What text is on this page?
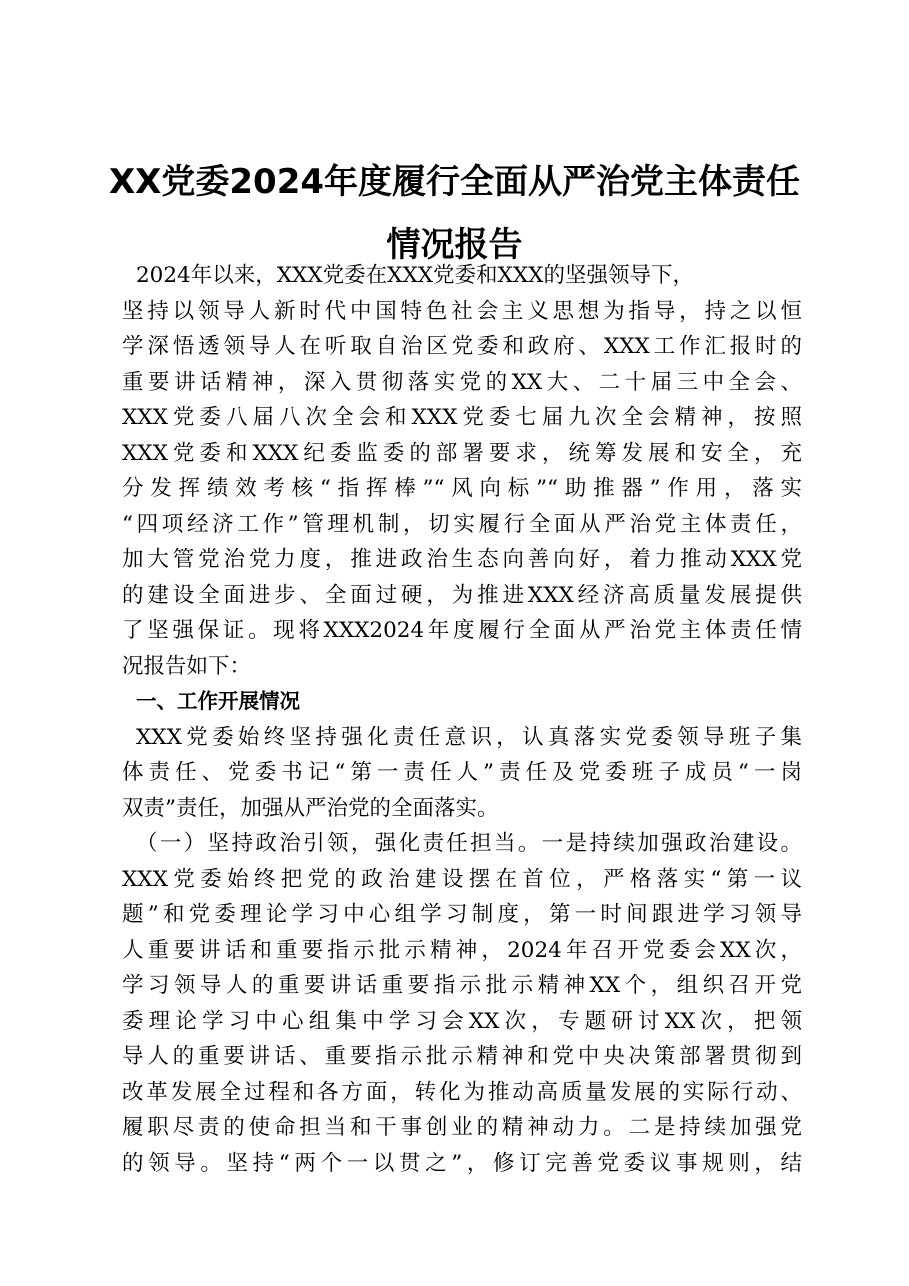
XX党委2024年度履行全面从严治党主体责任
情况报告
2024年以来，XXX党委在XXX党委和XXX的坚强领导下，
坚持以领导人新时代中国特色社会主义思想为指导，持之以恒
学深悟透领导人在听取自治区党委和政府、XXX工作汇报时的
重要讲话精神，深入贯彻落实党的XX大、二十届三中全会、
XXX党委八届八次全会和XXX党委七届九次全会精神，按照
XXX党委和XXX纪委监委的部署要求，统筹发展和安全，充
分发挥绩效考核“指挥棒”“风向标”“助推器”作用，落实
“四项经济工作”管理机制，切实履行全面从严治党主体责任，
加大管党治党力度，推进政治生态向善向好，着力推动XXX党
的建设全面进步、全面过硬，为推进XXX经济高质量发展提供
了坚强保证。现将XXX2024年度履行全面从严治党主体责任情
况报告如下：
一、工作开展情况
XXX党委始终坚持强化责任意识，认真落实党委领导班子集
体责任、党委书记“第一责任人”责任及党委班子成员“一岗
双责”责任，加强从严治党的全面落实。
（一）坚持政治引领，强化责任担当。一是持续加强政治建设。
XXX党委始终把党的政治建设摆在首位，严格落实“第一议
题”和党委理论学习中心组学习制度，第一时间跟进学习领导
人重要讲话和重要指示批示精神，2024年召开党委会XX次，
学习领导人的重要讲话重要指示批示精神XX个，组织召开党
委理论学习中心组集中学习会XX次，专题研讨XX次，把领
导人的重要讲话、重要指示批示精神和党中央决策部署贯彻到
改革发展全过程和各方面，转化为推动高质量发展的实际行动、
履职尽责的使命担当和干事创业的精神动力。二是持续加强党
的领导。坚持“两个一以贯之”，修订完善党委议事规则，结
